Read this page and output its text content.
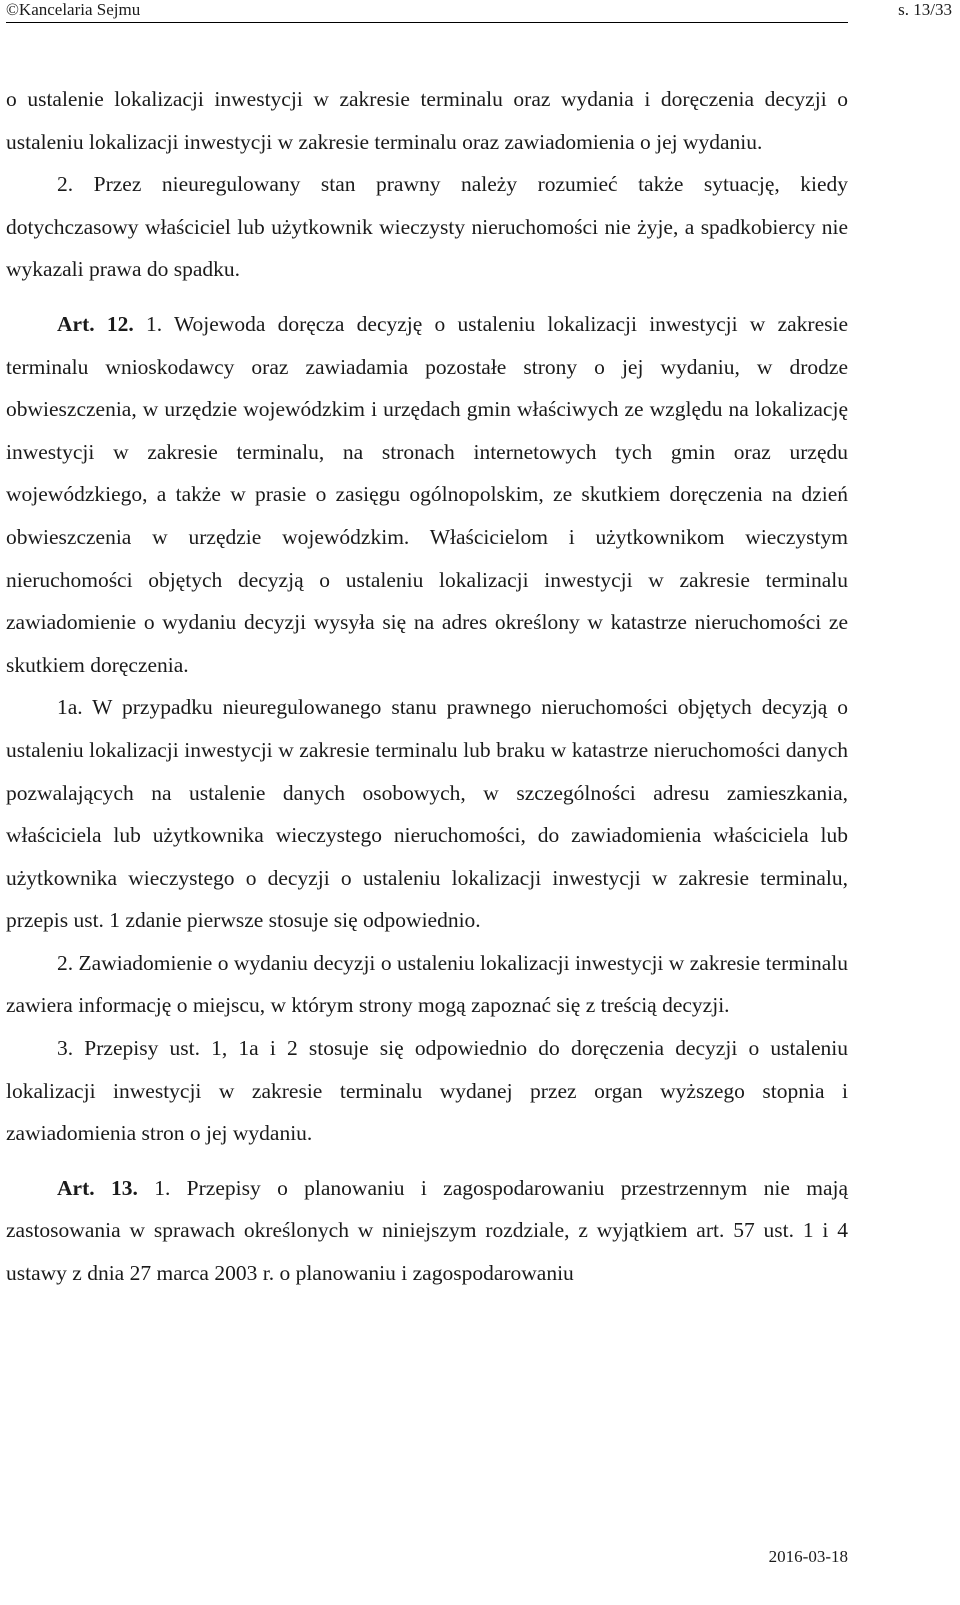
©Kancelaria Sejmu	s. 13/33

o ustalenie lokalizacji inwestycji w zakresie terminalu oraz wydania i doręczenia decyzji o ustaleniu lokalizacji inwestycji w zakresie terminalu oraz zawiadomienia o jej wydaniu.

2. Przez nieuregulowany stan prawny należy rozumieć także sytuację, kiedy dotychczasowy właściciel lub użytkownik wieczysty nieruchomości nie żyje, a spadkobiercy nie wykazali prawa do spadku.

Art. 12. 1. Wojewoda doręcza decyzję o ustaleniu lokalizacji inwestycji w zakresie terminalu wnioskodawcy oraz zawiadamia pozostałe strony o jej wydaniu, w drodze obwieszczenia, w urzędzie wojewódzkim i urzędach gmin właściwych ze względu na lokalizację inwestycji w zakresie terminalu, na stronach internetowych tych gmin oraz urzędu wojewódzkiego, a także w prasie o zasięgu ogólnopolskim, ze skutkiem doręczenia na dzień obwieszczenia w urzędzie wojewódzkim. Właścicielom i użytkownikom wieczystym nieruchomości objętych decyzją o ustaleniu lokalizacji inwestycji w zakresie terminalu zawiadomienie o wydaniu decyzji wysyła się na adres określony w katastrze nieruchomości ze skutkiem doręczenia.

1a. W przypadku nieuregulowanego stanu prawnego nieruchomości objętych decyzją o ustaleniu lokalizacji inwestycji w zakresie terminalu lub braku w katastrze nieruchomości danych pozwalających na ustalenie danych osobowych, w szczególności adresu zamieszkania, właściciela lub użytkownika wieczystego nieruchomości, do zawiadomienia właściciela lub użytkownika wieczystego o decyzji o ustaleniu lokalizacji inwestycji w zakresie terminalu, przepis ust. 1 zdanie pierwsze stosuje się odpowiednio.

2. Zawiadomienie o wydaniu decyzji o ustaleniu lokalizacji inwestycji w zakresie terminalu zawiera informację o miejscu, w którym strony mogą zapoznać się z treścią decyzji.

3. Przepisy ust. 1, 1a i 2 stosuje się odpowiednio do doręczenia decyzji o ustaleniu lokalizacji inwestycji w zakresie terminalu wydanej przez organ wyższego stopnia i zawiadomienia stron o jej wydaniu.

Art. 13. 1. Przepisy o planowaniu i zagospodarowaniu przestrzennym nie mają zastosowania w sprawach określonych w niniejszym rozdziale, z wyjątkiem art. 57 ust. 1 i 4 ustawy z dnia 27 marca 2003 r. o planowaniu i zagospodarowaniu

2016-03-18
